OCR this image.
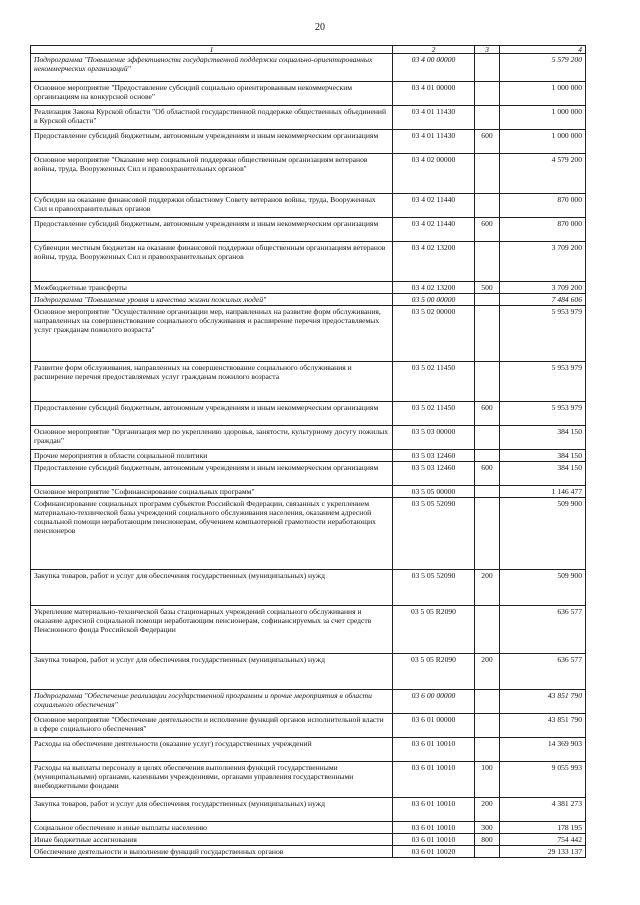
20
1	2	3	4
Подпрограмма "Повышение эффективности государственной поддержки социально-ориентированных некоммерческих организаций"	03 4 00 00000		5 579 200
Основное мероприятие "Предоставление субсидий социально ориентированным некоммерческим организациям на конкурсной основе"	03 4 01 00000		1 000 000
Реализация Закона Курской области "Об областной государственной поддержке общественных объединений в Курской области"	03 4 01 11430		1 000 000
Предоставление субсидий бюджетным, автономным учреждениям и иным некоммерческим организациям	03 4 01 11430	600	1 000 000
Основное мероприятие "Оказание мер социальной поддержки общественным организациям ветеранов войны, труда, Вооруженных Сил и правоохранительных органов"	03 4 02 00000		4 579 200
Субсидии на оказание финансовой поддержки областному Совету ветеранов войны, труда, Вооруженных Сил и правоохранительных органов	03 4 02 11440		870 000
Предоставление субсидий бюджетным, автономным учреждениям и иным некоммерческим организациям	03 4 02 11440	600	870 000
Субвенции местным бюджетам на оказание финансовой поддержки общественным организациям ветеранов войны, труда, Вооруженных Сил и правоохранительных органов	03 4 02 13200		3 709 200
Межбюджетные трансферты	03 4 02 13200	500	3 709 200
Подпрограмма "Повышение уровня и качества жизни пожилых людей"	03 5 00 00000		7 484 606
Основное мероприятие "Осуществление организации мер, направленных на развитие форм обслуживания, направленных на совершенствование социального обслуживания и расширение перечня предоставляемых услуг гражданам пожилого возраста"	03 5 02 00000		5 953 979
Развитие форм обслуживания, направленных на совершенствование социального обслуживания и расширение перечня предоставляемых услуг гражданам пожилого возраста	03 5 02 11450		5 953 979
Предоставление субсидий бюджетным, автономным учреждениям и иным некоммерческим организациям	03 5 02 11450	600	5 953 979
Основное мероприятие "Организация мер по укреплению здоровья, занятости, культурному досугу пожилых граждан"	03 5 03 00000		384 150
Прочие мероприятия в области социальной политики	03 5 03 12460		384 150
Предоставление субсидий бюджетным, автономным учреждениям и иным некоммерческим организациям	03 5 03 12460	600	384 150
Основное мероприятие "Софинансирование социальных программ"	03 5 05 00000		1 146 477
Софинансирование социальных программ субъектов Российской Федерации, связанных с укреплением материально-технической базы учреждений социального обслуживания населения, оказанием адресной социальной помощи неработающим пенсионерам, обучением компьютерной грамотности неработающих пенсионеров	03 5 05 52090		509 900
Закупка товаров, работ и услуг для обеспечения государственных (муниципальных) нужд	03 5 05 52090	200	509 900
Укрепление материально-технической базы стационарных учреждений социального обслуживания и оказание адресной социальной помощи неработающим пенсионерам, софинансируемых за счет средств Пенсионного фонда Российской Федерации	03 5 05 R2090		636 577
Закупка товаров, работ и услуг для обеспечения государственных (муниципальных) нужд	03 5 05 R2090	200	636 577
Подпрограмма "Обеспечение реализации государственной программы и прочие мероприятия в области социального обеспечения"	03 6 00 00000		43 851 790
Основное мероприятие "Обеспечение деятельности и исполнение функций органов исполнительной власти в сфере социального обеспечения"	03 6 01 00000		43 851 790
Расходы на обеспечение деятельности (оказание услуг) государственных учреждений	03 6 01 10010		14 369 903
Расходы на выплаты персоналу в целях обеспечения выполнения функций государственными (муниципальными) органами, казенными учреждениями, органами управления государственными внебюджетными фондами	03 6 01 10010	100	9 055 993
Закупка товаров, работ и услуг для обеспечения государственных (муниципальных) нужд	03 6 01 10010	200	4 381 273
Социальное обеспечение и иные выплаты населению	03 6 01 10010	300	178 195
Иные бюджетные ассигнования	03 6 01 10010	800	754 442
Обеспечение деятельности и выполнение функций государственных органов	03 6 01 10020		29 133 137
